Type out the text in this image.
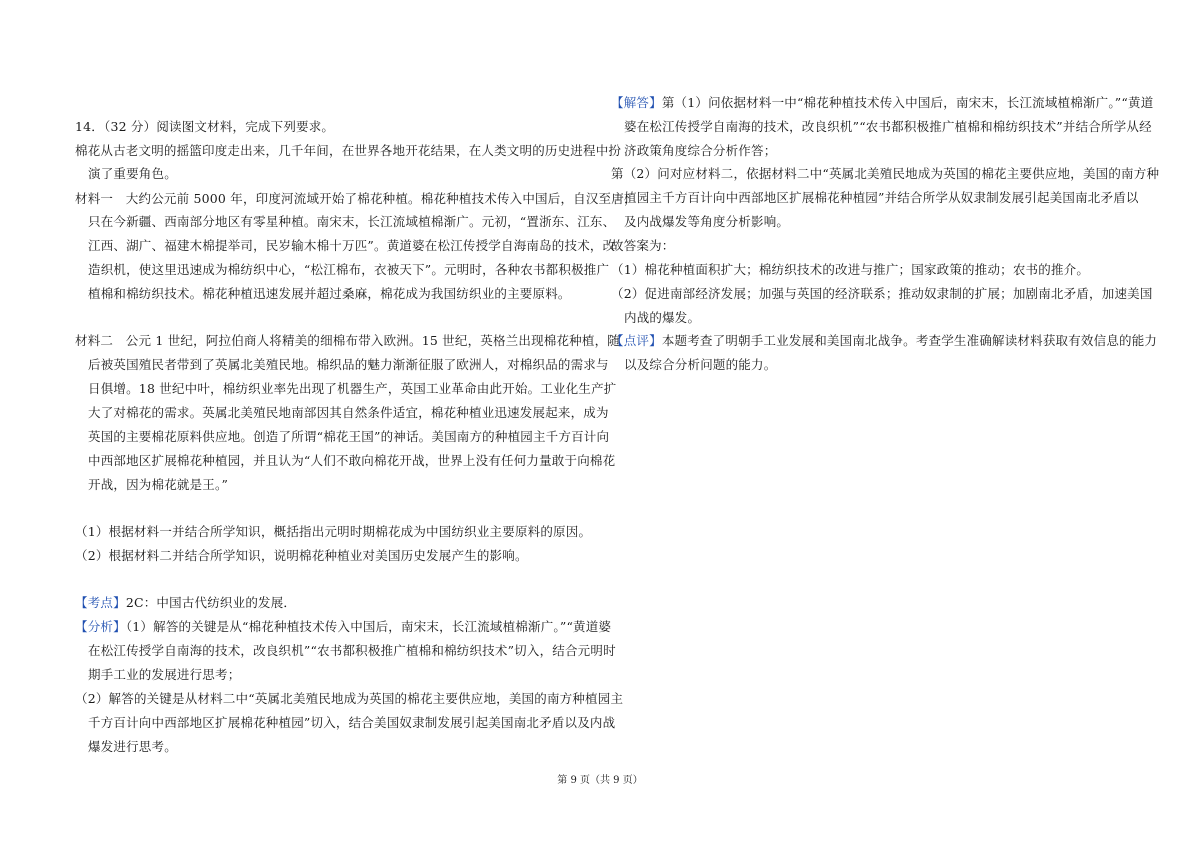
14．（32 分）阅读图文材料，完成下列要求。
棉花从古老文明的摇篮印度走出来，几千年间，在世界各地开花结果，在人类文明的历史进程中扮
演了重要角色。
材料一　大约公元前 5000 年，印度河流域开始了棉花种植。棉花种植技术传入中国后，自汉至唐，
只在今新疆、西南部分地区有零星种植。南宋末，长江流域植棉渐广。元初，“置浙东、江东、
江西、湖广、福建木棉提举司，民岁输木棉十万匹”。黄道婆在松江传授学自海南岛的技术，改
造织机，使这里迅速成为棉纺织中心，“松江棉布，衣被天下”。元明时，各种农书都积极推广
植棉和棉纺织技术。棉花种植迅速发展并超过桑麻，棉花成为我国纺织业的主要原料。
材料二　公元 1 世纪，阿拉伯商人将精美的细棉布带入欧洲。15 世纪，英格兰出现棉花种植，随
后被英国殖民者带到了英属北美殖民地。棉织品的魅力渐渐征服了欧洲人，对棉织品的需求与
日俱增。18 世纪中叶，棉纺织业率先出现了机器生产，英国工业革命由此开始。工业化生产扩
大了对棉花的需求。英属北美殖民地南部因其自然条件适宜，棉花种植业迅速发展起来，成为
英国的主要棉花原料供应地。创造了所谓“棉花王国”的神话。美国南方的种植园主千方百计向
中西部地区扩展棉花种植园，并且认为“人们不敢向棉花开战，世界上没有任何力量敢于向棉花
开战，因为棉花就是王。”
（1）根据材料一并结合所学知识，概括指出元明时期棉花成为中国纺织业主要原料的原因。
（2）根据材料二并结合所学知识，说明棉花种植业对美国历史发展产生的影响。
【考点】2C：中国古代纺织业的发展．
【分析】（1）解答的关键是从“棉花种植技术传入中国后，南宋末，长江流域植棉渐广。”“黄道婆
在松江传授学自南海的技术，改良织机”“农书都积极推广植棉和棉纺织技术”切入，结合元明时
期手工业的发展进行思考；
（2）解答的关键是从材料二中“英属北美殖民地成为英国的棉花主要供应地，美国的南方种植园主
千方百计向中西部地区扩展棉花种植园”切入，结合美国奴隶制发展引起美国南北矛盾以及内战
爆发进行思考。
【解答】第（1）问依据材料一中“棉花种植技术传入中国后，南宋末，长江流域植棉渐广。”“黄道
婆在松江传授学自南海的技术，改良织机”“农书都积极推广植棉和棉纺织技术”并结合所学从经
济政策角度综合分析作答；
第（2）问对应材料二，依据材料二中“英属北美殖民地成为英国的棉花主要供应地，美国的南方种
植园主千方百计向中西部地区扩展棉花种植园”并结合所学从奴隶制发展引起美国南北矛盾以
及内战爆发等角度分析影响。
故答案为：
（1）棉花种植面积扩大；棉纺织技术的改进与推广；国家政策的推动；农书的推介。
（2）促进南部经济发展；加强与英国的经济联系；推动奴隶制的扩展；加剧南北矛盾，加速美国
内战的爆发。
【点评】本题考查了明朝手工业发展和美国南北战争。考查学生准确解读材料获取有效信息的能力
以及综合分析问题的能力。
第 9 页（共 9 页）
